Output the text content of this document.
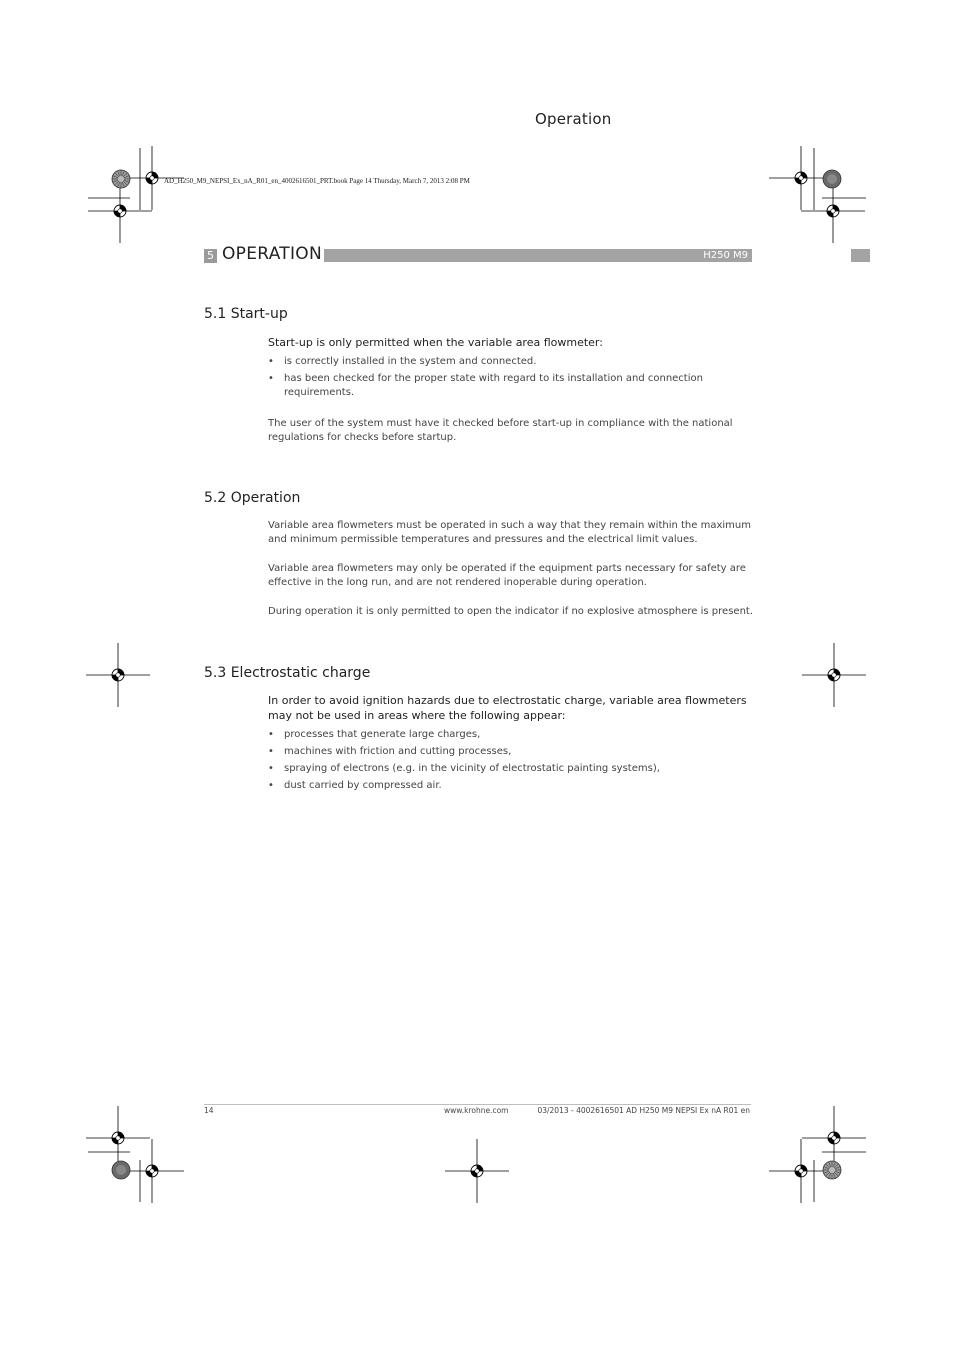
Operation
AD_H250_M9_NEPSI_Ex_nA_R01_en_4002616501_PRT.book Page 14 Thursday, March 7, 2013 2:08 PM
5 OPERATION	H250 M9
5.1 Start-up
Start-up is only permitted when the variable area flowmeter:
• is correctly installed in the system and connected.
• has been checked for the proper state with regard to its installation and connection requirements.
The user of the system must have it checked before start-up in compliance with the national regulations for checks before startup.
5.2 Operation
Variable area flowmeters must be operated in such a way that they remain within the maximum and minimum permissible temperatures and pressures and the electrical limit values.
Variable area flowmeters may only be operated if the equipment parts necessary for safety are effective in the long run, and are not rendered inoperable during operation.
During operation it is only permitted to open the indicator if no explosive atmosphere is present.
5.3 Electrostatic charge
In order to avoid ignition hazards due to electrostatic charge, variable area flowmeters may not be used in areas where the following appear:
• processes that generate large charges,
• machines with friction and cutting processes,
• spraying of electrons (e.g. in the vicinity of electrostatic painting systems),
• dust carried by compressed air.
14	www.krohne.com	03/2013 - 4002616501 AD H250 M9 NEPSI Ex nA R01 en
